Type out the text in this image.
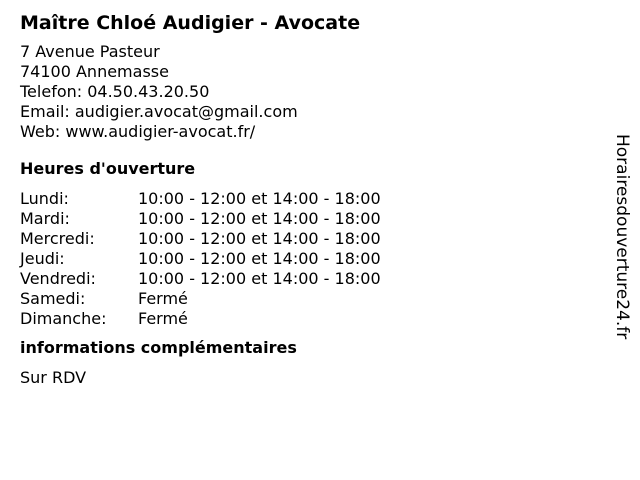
Maître Chloé Audigier - Avocate
7 Avenue Pasteur
74100 Annemasse
Telefon: 04.50.43.20.50
Email: audigier.avocat@gmail.com
Web: www.audigier-avocat.fr/
Heures d'ouverture
Lundi:	10:00 - 12:00 et 14:00 - 18:00
Mardi:	10:00 - 12:00 et 14:00 - 18:00
Mercredi:	10:00 - 12:00 et 14:00 - 18:00
Jeudi:	10:00 - 12:00 et 14:00 - 18:00
Vendredi:	10:00 - 12:00 et 14:00 - 18:00
Samedi:	Fermé
Dimanche:	Fermé
informations complémentaires
Sur RDV
Horairesdouverture24.fr
